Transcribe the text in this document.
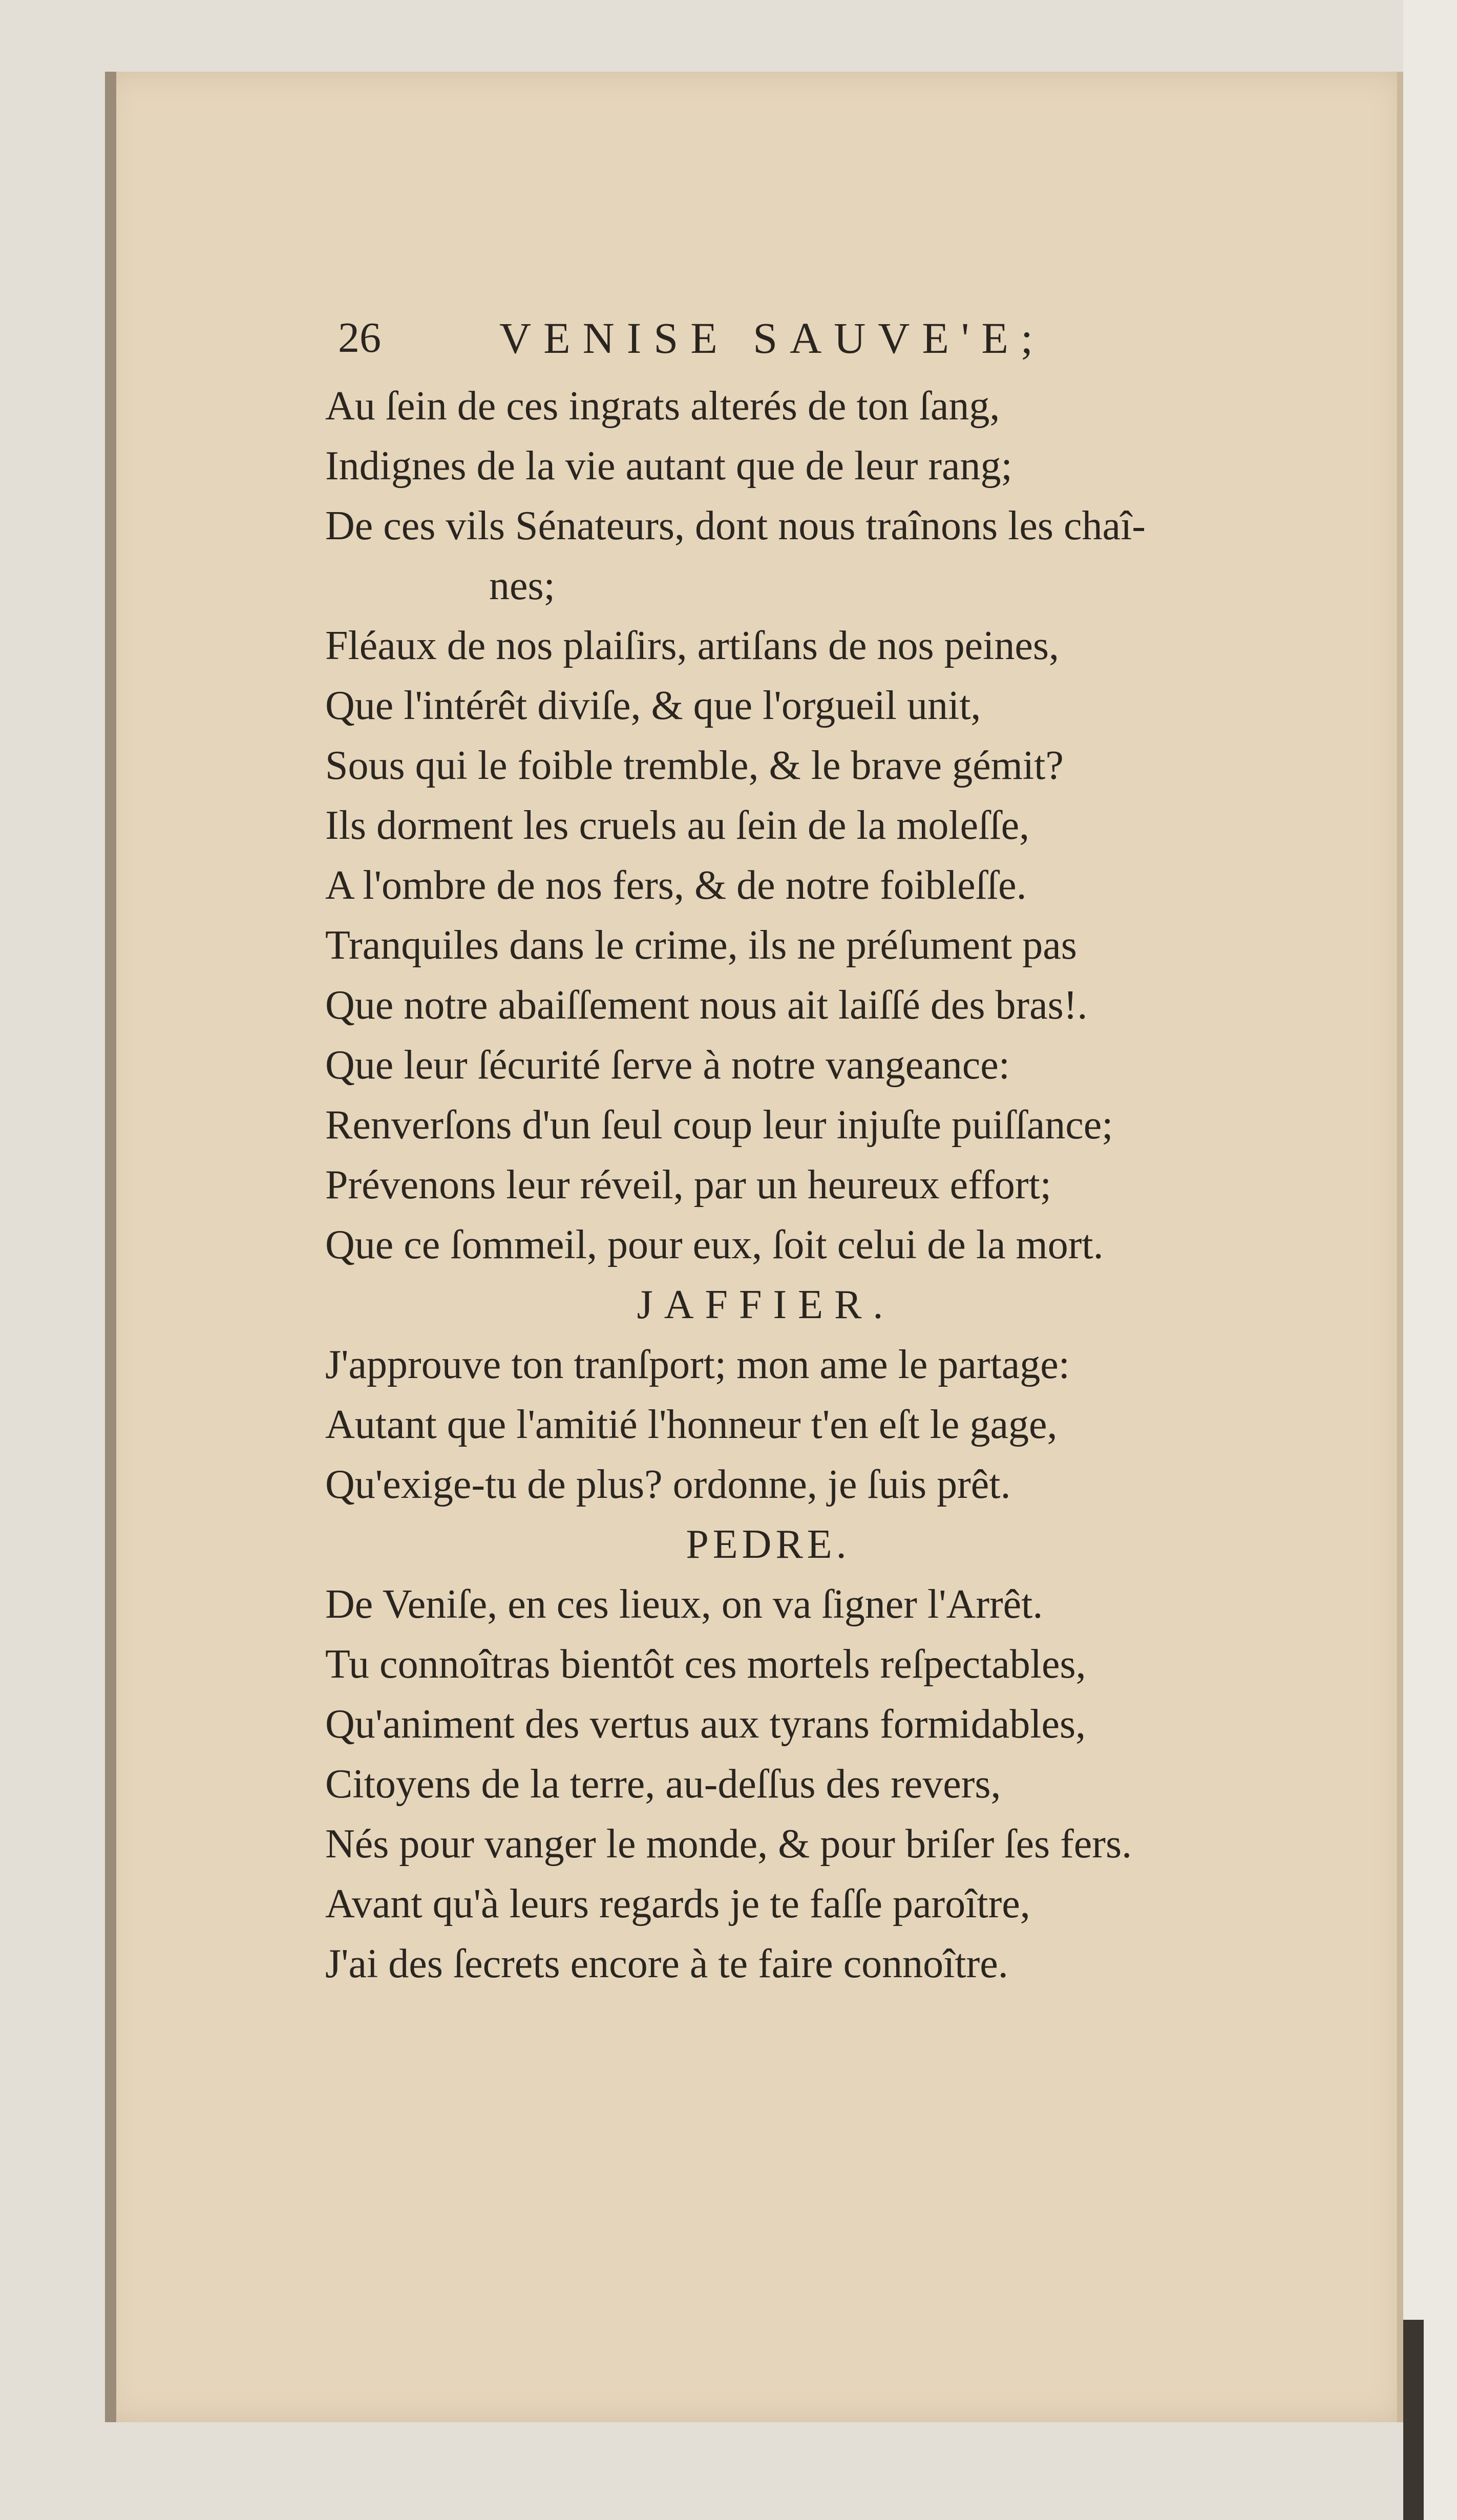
26	VENISE SAUVE'E;
Au ſein de ces ingrats alterés de ton ſang,
Indignes de la vie autant que de leur rang;
De ces vils Sénateurs, dont nous traînons les chaî-
nes;
Fléaux de nos plaiſirs, artiſans de nos peines,
Que l'intérêt diviſe, & que l'orgueil unit,
Sous qui le foible tremble, & le brave gémit?
Ils dorment les cruels au ſein de la moleſſe,
A l'ombre de nos fers, & de notre foibleſſe.
Tranquiles dans le crime, ils ne préſument pas
Que notre abaiſſement nous ait laiſſé des bras!.
Que leur ſécurité ſerve à notre vangeance:
Renverſons d'un ſeul coup leur injuſte puiſſance;
Prévenons leur réveil, par un heureux effort;
Que ce ſommeil, pour eux, ſoit celui de la mort.
JAFFIER.
J'approuve ton tranſport; mon ame le partage:
Autant que l'amitié l'honneur t'en eſt le gage,
Qu'exige-tu de plus? ordonne, je ſuis prêt.
PEDRE.
De Veniſe, en ces lieux, on va ſigner l'Arrêt.
Tu connoîtras bientôt ces mortels reſpectables,
Qu'animent des vertus aux tyrans formidables,
Citoyens de la terre, au-deſſus des revers,
Nés pour vanger le monde, & pour briſer ſes fers.
Avant qu'à leurs regards je te faſſe paroître,
J'ai des ſecrets encore à te faire connoître.
